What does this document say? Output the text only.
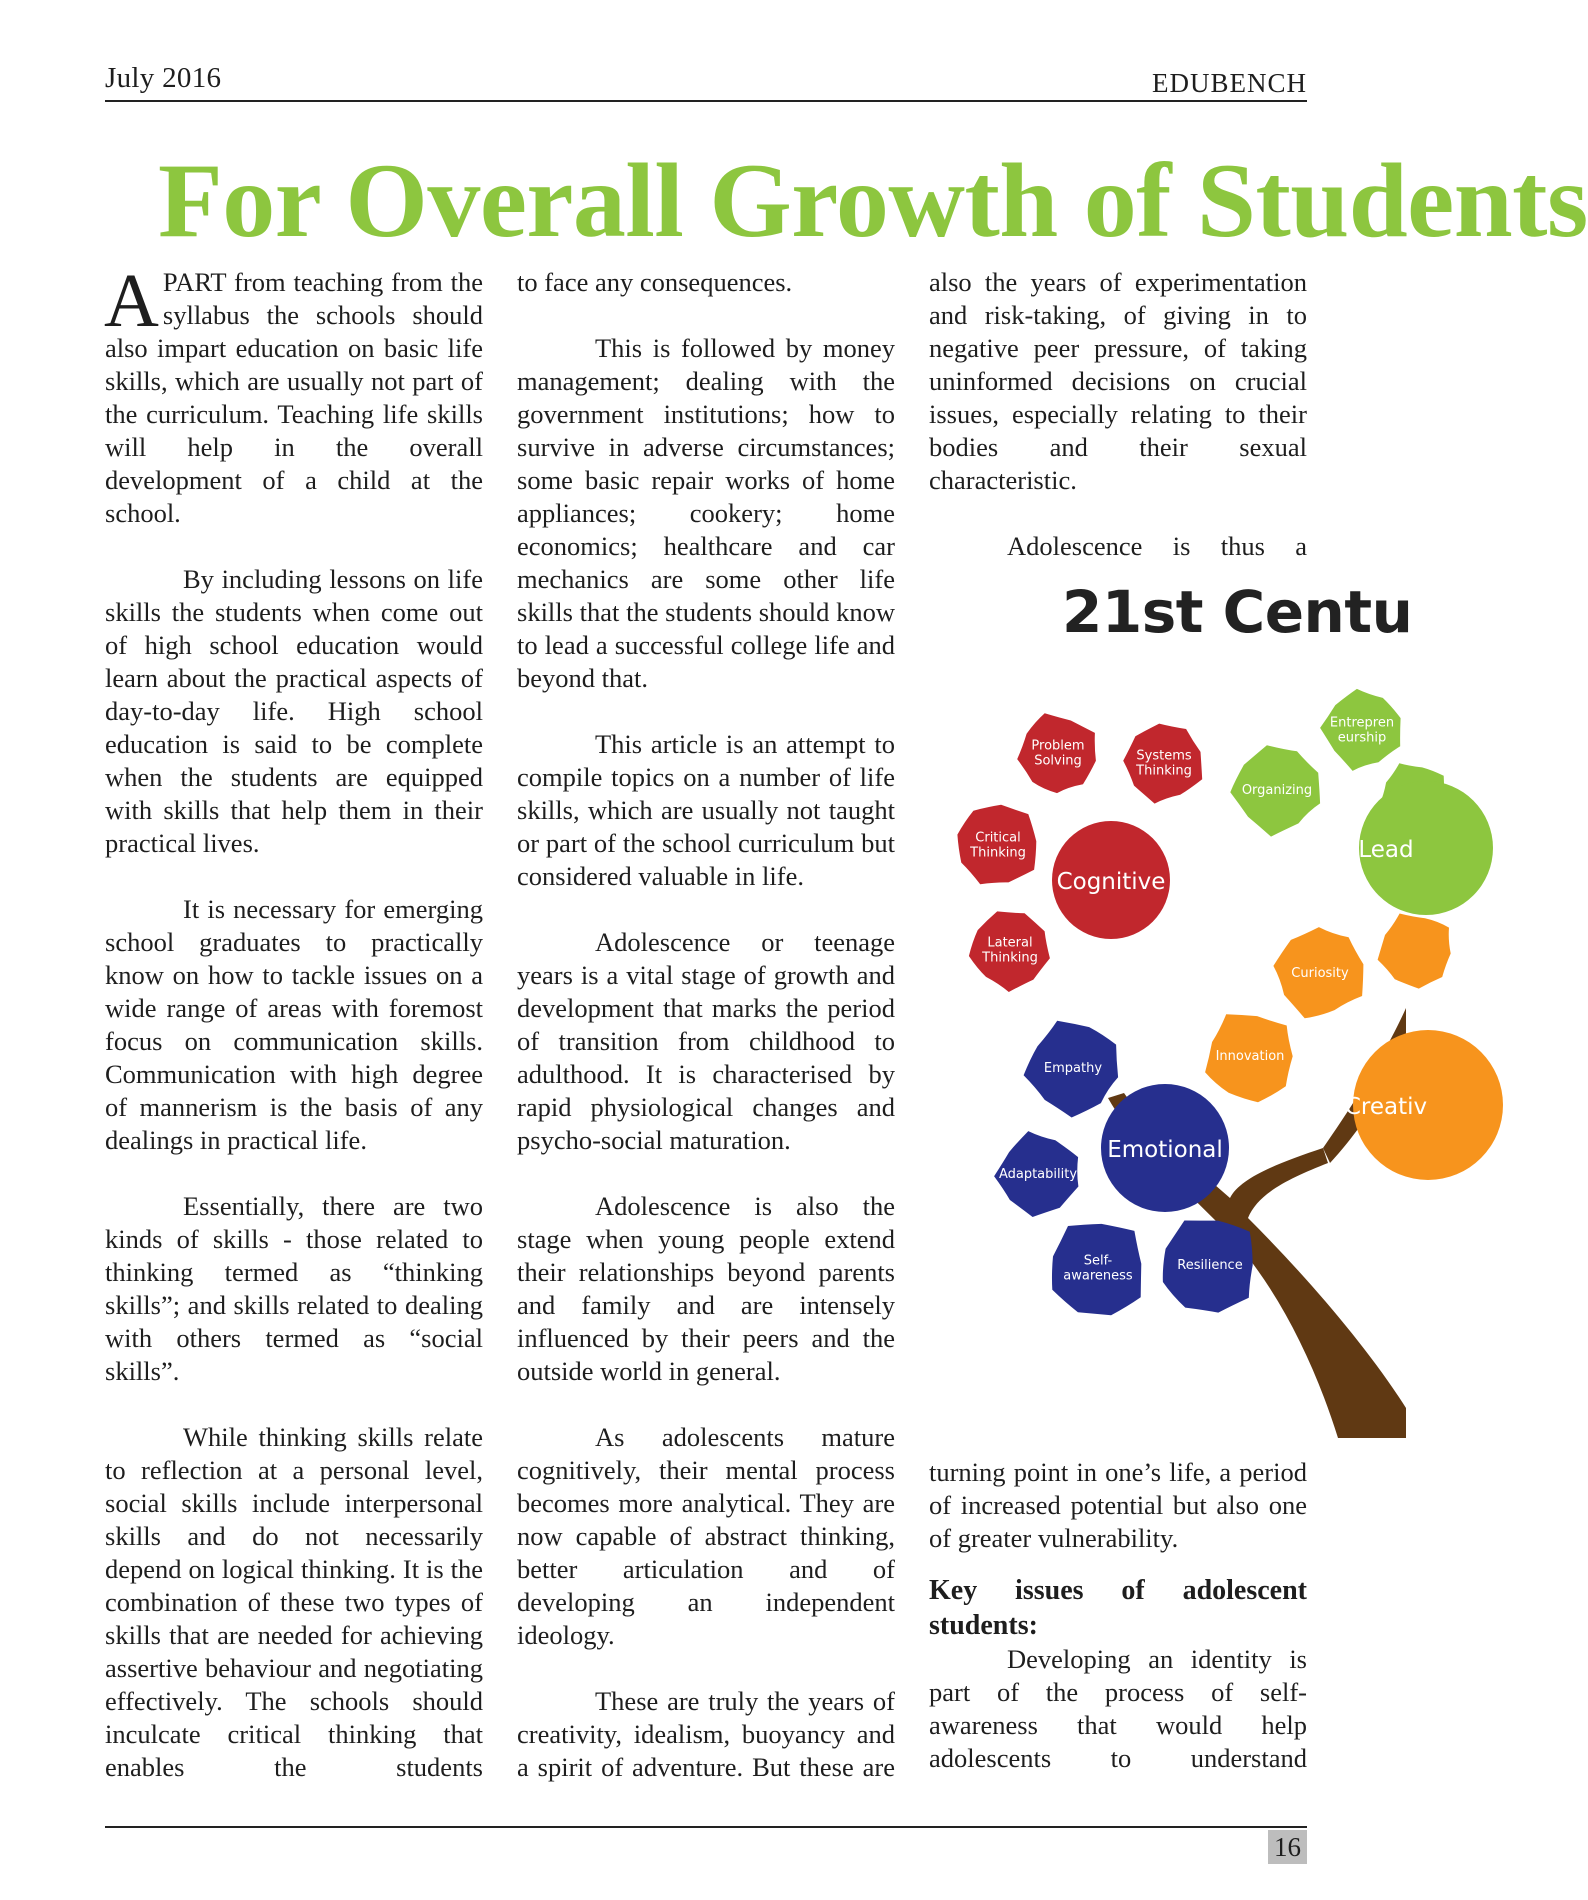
July 2016	EDUBENCH
For Overall Growth of Students

APART from teaching from the syllabus the schools should also impart education on basic life skills, which are usually not part of the curriculum. Teaching life skills will help in the overall development of a child at the school.

By including lessons on life skills the students when come out of high school education would learn about the practical aspects of day-to-day life. High school education is said to be complete when the students are equipped with skills that help them in their practical lives.

It is necessary for emerging school graduates to practically know on how to tackle issues on a wide range of areas with foremost focus on communication skills. Communication with high degree of mannerism is the basis of any dealings in practical life.

Essentially, there are two kinds of skills - those related to thinking termed as “thinking skills”; and skills related to dealing with others termed as “social skills”.

While thinking skills relate to reflection at a personal level, social skills include interpersonal skills and do not necessarily depend on logical thinking. It is the combination of these two types of skills that are needed for achieving assertive behaviour and negotiating effectively. The schools should inculcate critical thinking that enables the students

to face any consequences.

This is followed by money management; dealing with the government institutions; how to survive in adverse circumstances; some basic repair works of home appliances; cookery; home economics; healthcare and car mechanics are some other life skills that the students should know to lead a successful college life and beyond that.

This article is an attempt to compile topics on a number of life skills, which are usually not taught or part of the school curriculum but considered valuable in life.

Adolescence or teenage years is a vital stage of growth and development that marks the period of transition from childhood to adulthood. It is characterised by rapid physiological changes and psycho-social maturation.

Adolescence is also the stage when young people extend their relationships beyond parents and family and are intensely influenced by their peers and the outside world in general.

As adolescents mature cognitively, their mental process becomes more analytical. They are now capable of abstract thinking, better articulation and of developing an independent ideology.

These are truly the years of creativity, idealism, buoyancy and a spirit of adventure. But these are

also the years of experimentation and risk-taking, of giving in to negative peer pressure, of taking uninformed decisions on crucial issues, especially relating to their bodies and their sexual characteristic.

Adolescence is thus a

21st Centu
Problem Solving	Systems Thinking
Critical Thinking
Lateral Thinking
Empathy
Adaptability
Self-awareness
Resilience
Entrepren eurship
Organizing
Curiosity
Innovation
Cognitive
Emotional
Creativ
Lead

turning point in one’s life, a period of increased potential but also one of greater vulnerability.

Key issues of adolescent
students:

Developing an identity is part of the process of self-awareness that would help adolescents to understand

16
